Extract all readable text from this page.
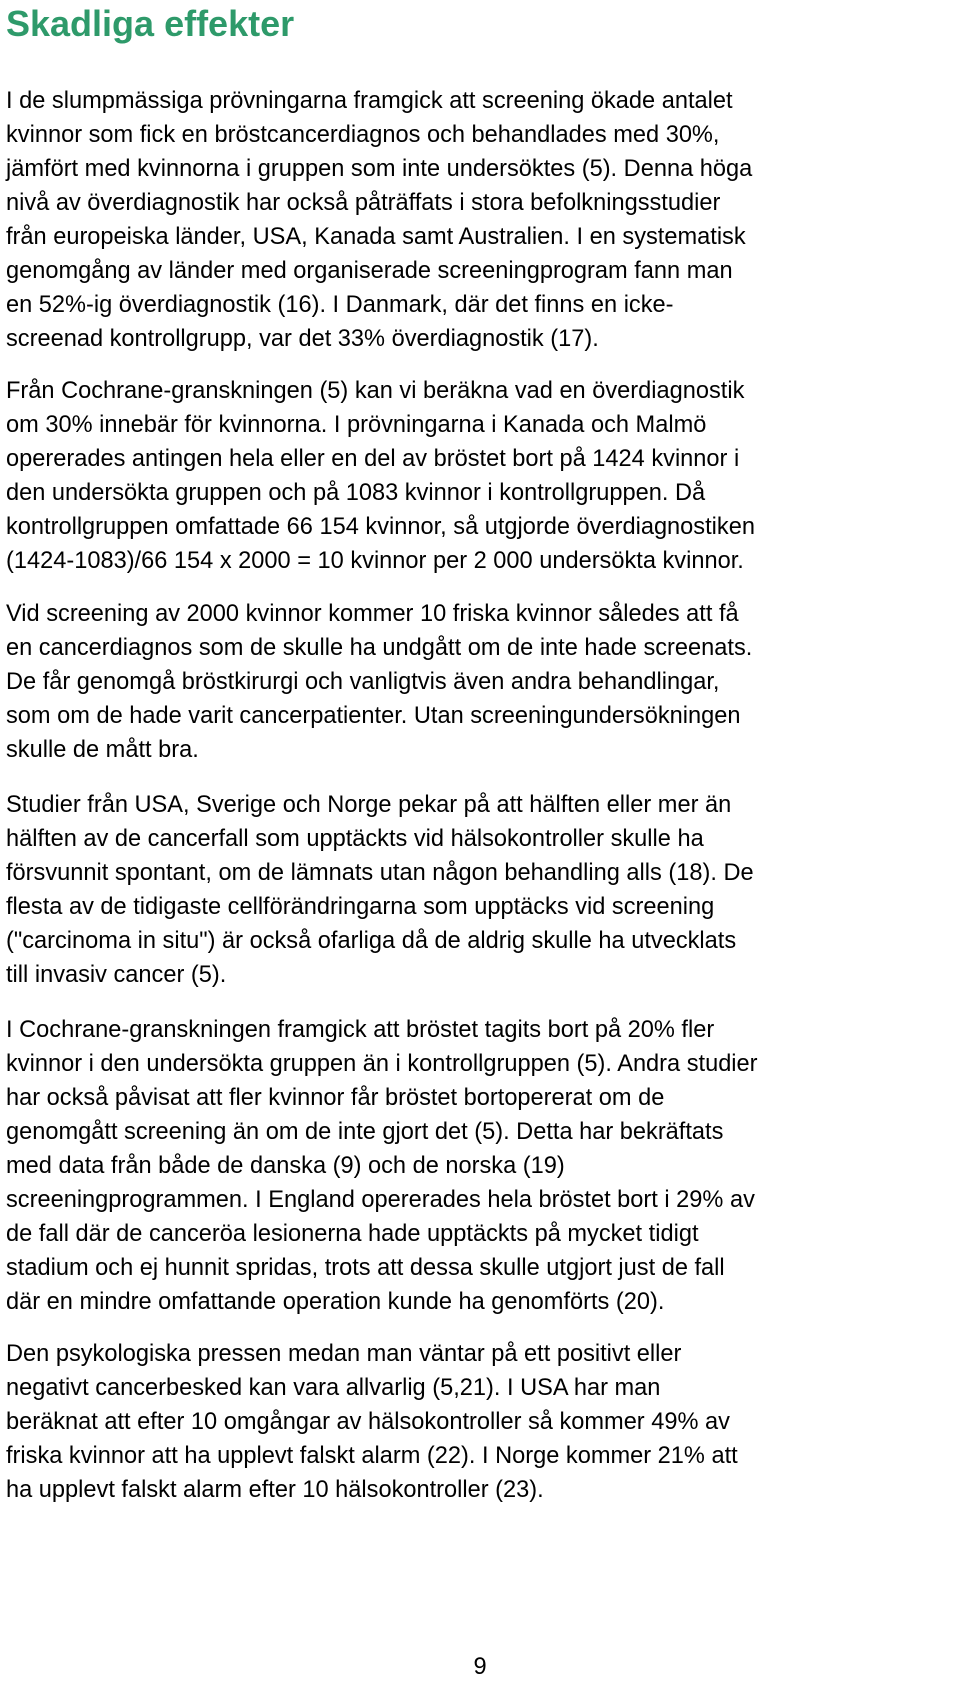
Skadliga effekter

I de slumpmässiga prövningarna framgick att screening ökade antalet
kvinnor som fick en bröstcancerdiagnos och behandlades med 30%,
jämfört med kvinnorna i gruppen som inte undersöktes (5). Denna höga
nivå av överdiagnostik har också påträffats i stora befolkningsstudier
från europeiska länder, USA, Kanada samt Australien. I en systematisk
genomgång av länder med organiserade screeningprogram fann man
en 52%-ig överdiagnostik (16). I Danmark, där det finns en icke-
screenad kontrollgrupp, var det 33% överdiagnostik (17).

Från Cochrane-granskningen (5) kan vi beräkna vad en överdiagnostik
om 30% innebär för kvinnorna. I prövningarna i Kanada och Malmö
opererades antingen hela eller en del av bröstet bort på 1424 kvinnor i
den undersökta gruppen och på 1083 kvinnor i kontrollgruppen. Då
kontrollgruppen omfattade 66 154 kvinnor, så utgjorde överdiagnostiken
(1424-1083)/66 154 x 2000 = 10 kvinnor per 2 000 undersökta kvinnor.

Vid screening av 2000 kvinnor kommer 10 friska kvinnor således att få
en cancerdiagnos som de skulle ha undgått om de inte hade screenats.
De får genomgå bröstkirurgi och vanligtvis även andra behandlingar,
som om de hade varit cancerpatienter. Utan screeningundersökningen
skulle de mått bra.

Studier från USA, Sverige och Norge pekar på att hälften eller mer än
hälften av de cancerfall som upptäckts vid hälsokontroller skulle ha
försvunnit spontant, om de lämnats utan någon behandling alls (18). De
flesta av de tidigaste cellförändringarna som upptäcks vid screening
("carcinoma in situ") är också ofarliga då de aldrig skulle ha utvecklats
till invasiv cancer (5).

I Cochrane-granskningen framgick att bröstet tagits bort på 20% fler
kvinnor i den undersökta gruppen än i kontrollgruppen (5). Andra studier
har också påvisat att fler kvinnor får bröstet bortopererat om de
genomgått screening än om de inte gjort det (5). Detta har bekräftats
med data från både de danska (9) och de norska (19)
screeningprogrammen. I England opererades hela bröstet bort i 29% av
de fall där de canceröa lesionerna hade upptäckts på mycket tidigt
stadium och ej hunnit spridas, trots att dessa skulle utgjort just de fall
där en mindre omfattande operation kunde ha genomförts (20).

Den psykologiska pressen medan man väntar på ett positivt eller
negativt cancerbesked kan vara allvarlig (5,21). I USA har man
beräknat att efter 10 omgångar av hälsokontroller så kommer 49% av
friska kvinnor att ha upplevt falskt alarm (22). I Norge kommer 21% att
ha upplevt falskt alarm efter 10 hälsokontroller (23).

9
